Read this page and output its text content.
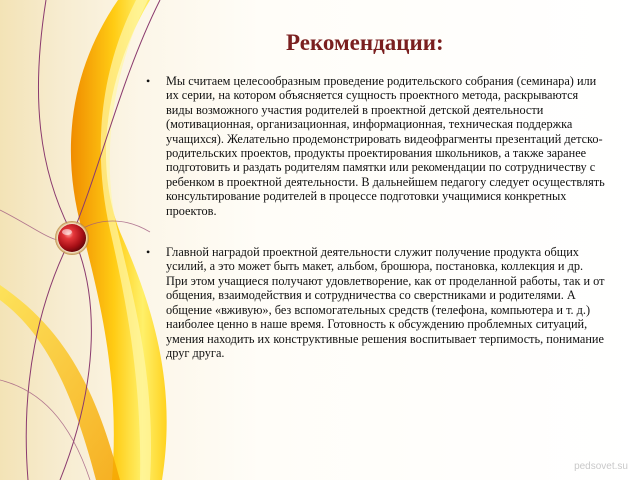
Рекомендации:
• Мы считаем целесообразным проведение родительского собрания (семинара) или их серии, на котором объясняется сущность проектного метода, раскрываются виды возможного участия родителей в проектной детской деятельности (мотивационная, организационная, информационная, техническая поддержка учащихся). Желательно продемонстрировать видеофрагменты презентаций детско-родительских проектов, продукты проектирования школьников, а также заранее подготовить и раздать родителям памятки или рекомендации по сотрудничеству с ребенком в проектной деятельности. В дальнейшем педагогу следует осуществлять консультирование родителей в процессе подготовки учащимися конкретных проектов.
• Главной наградой проектной деятельности служит получение продукта общих усилий, а это может быть макет, альбом, брошюра, постановка, коллекция и др. При этом учащиеся получают удовлетворение, как от проделанной работы, так и от общения, взаимодействия и сотрудничества со сверстниками и родителями. А общение «вживую», без вспомогательных средств (телефона, компьютера и т. д.) наиболее ценно в наше время. Готовность к обсуждению проблемных ситуаций, умения находить их конструктивные решения воспитывает терпимость, понимание друг друга.
pedsovet.su
